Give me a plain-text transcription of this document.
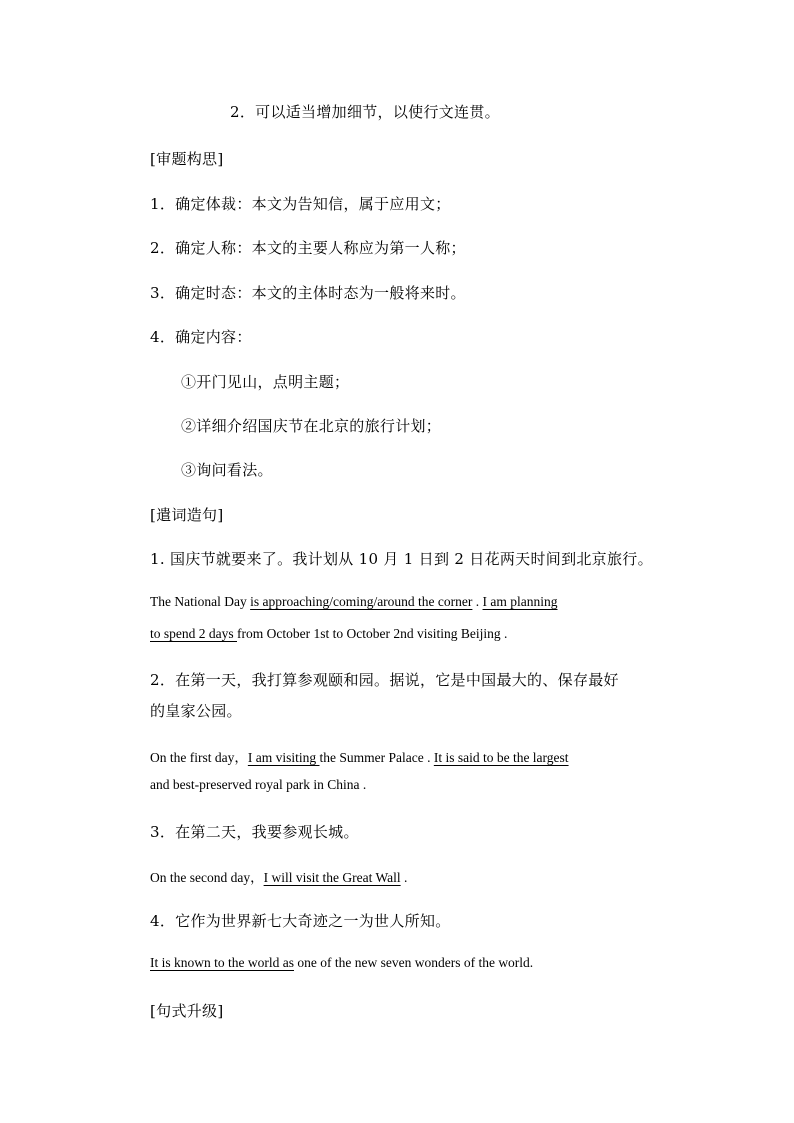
2．可以适当增加细节，以使行文连贯。

[审题构思]

1．确定体裁：本文为告知信，属于应用文；

2．确定人称：本文的主要人称应为第一人称；

3．确定时态：本文的主体时态为一般将来时。

4．确定内容：

①开门见山，点明主题；

②详细介绍国庆节在北京的旅行计划；

③询问看法。

[遣词造句]

1. 国庆节就要来了。我计划从 10 月 1 日到 2 日花两天时间到北京旅行。

The National Day is approaching/coming/around the corner . I am planning

to spend 2 days from October 1st to October 2nd visiting Beijing .

2．在第一天，我打算参观颐和园。据说，它是中国最大的、保存最好

的皇家公园。

On the first day，I am visiting the Summer Palace . It is said to be the largest

and best-preserved royal park in China .

3．在第二天，我要参观长城。

On the second day，I will visit the Great Wall .

4．它作为世界新七大奇迹之一为世人所知。

It is known to the world as one of the new seven wonders of the world.

[句式升级]
